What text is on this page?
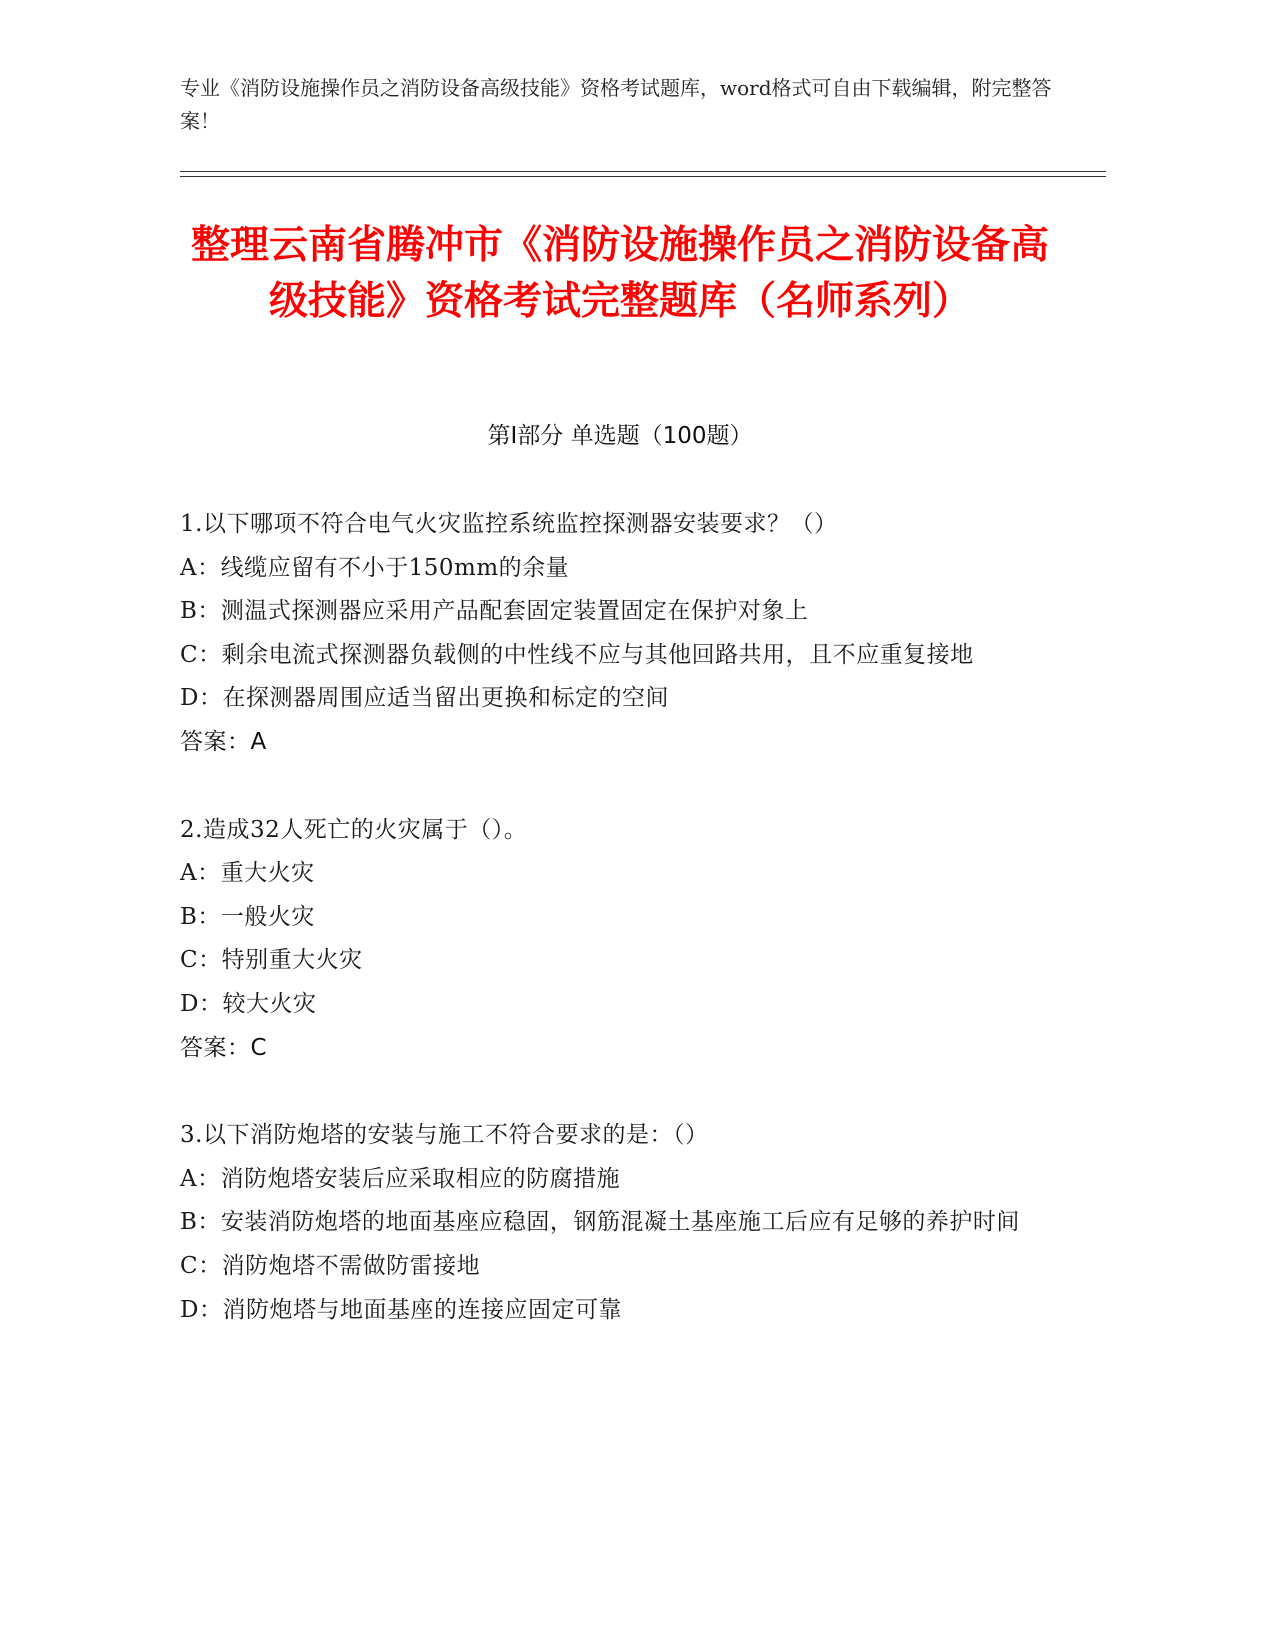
专业《消防设施操作员之消防设备高级技能》资格考试题库，word格式可自由下载编辑，附完整答案！
整理云南省腾冲市《消防设施操作员之消防设备高级技能》资格考试完整题库（名师系列）
第I部分 单选题（100题）
1.以下哪项不符合电气火灾监控系统监控探测器安装要求？（）
A：线缆应留有不小于150mm的余量
B：测温式探测器应采用产品配套固定装置固定在保护对象上
C：剩余电流式探测器负载侧的中性线不应与其他回路共用，且不应重复接地
D：在探测器周围应适当留出更换和标定的空间
答案：A
2.造成32人死亡的火灾属于（）。
A：重大火灾
B：一般火灾
C：特别重大火灾
D：较大火灾
答案：C
3.以下消防炮塔的安装与施工不符合要求的是：（）
A：消防炮塔安装后应采取相应的防腐措施
B：安装消防炮塔的地面基座应稳固，钢筋混凝土基座施工后应有足够的养护时间
C：消防炮塔不需做防雷接地
D：消防炮塔与地面基座的连接应固定可靠
